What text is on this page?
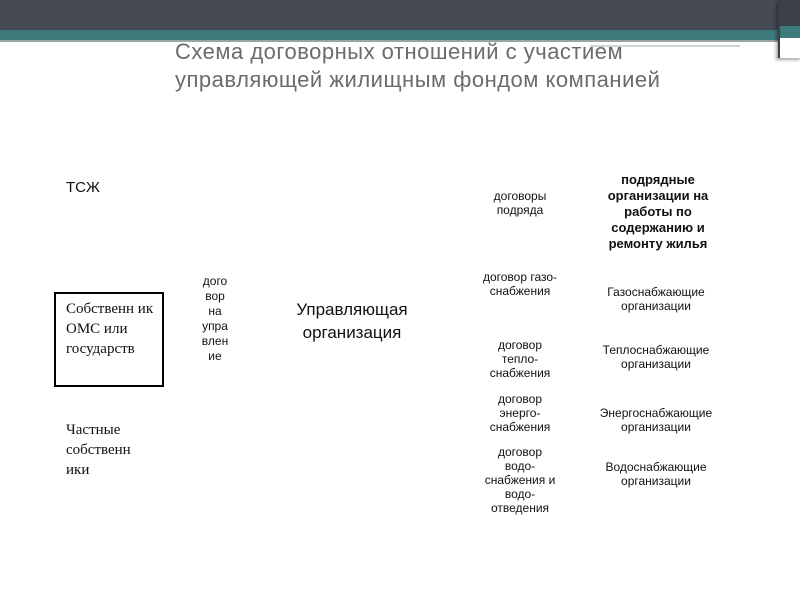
Схема договорных отношений с участием управляющей жилищным фондом компанией
ТСЖ
Собственн ик ОМС или государств
Частные собственн ики
дого вор на упра влен ие
Управляющая организация
договоры подряда
договор газо- снабжения
договор тепло- снабжения
договор энерго- снабжения
договор водо- снабжения и водо- отведения
подрядные организации на работы по содержанию и ремонту жилья
Газоснабжающие организации
Теплоснабжающие организации
Энергоснабжающие организации
Водоснабжающие организации
